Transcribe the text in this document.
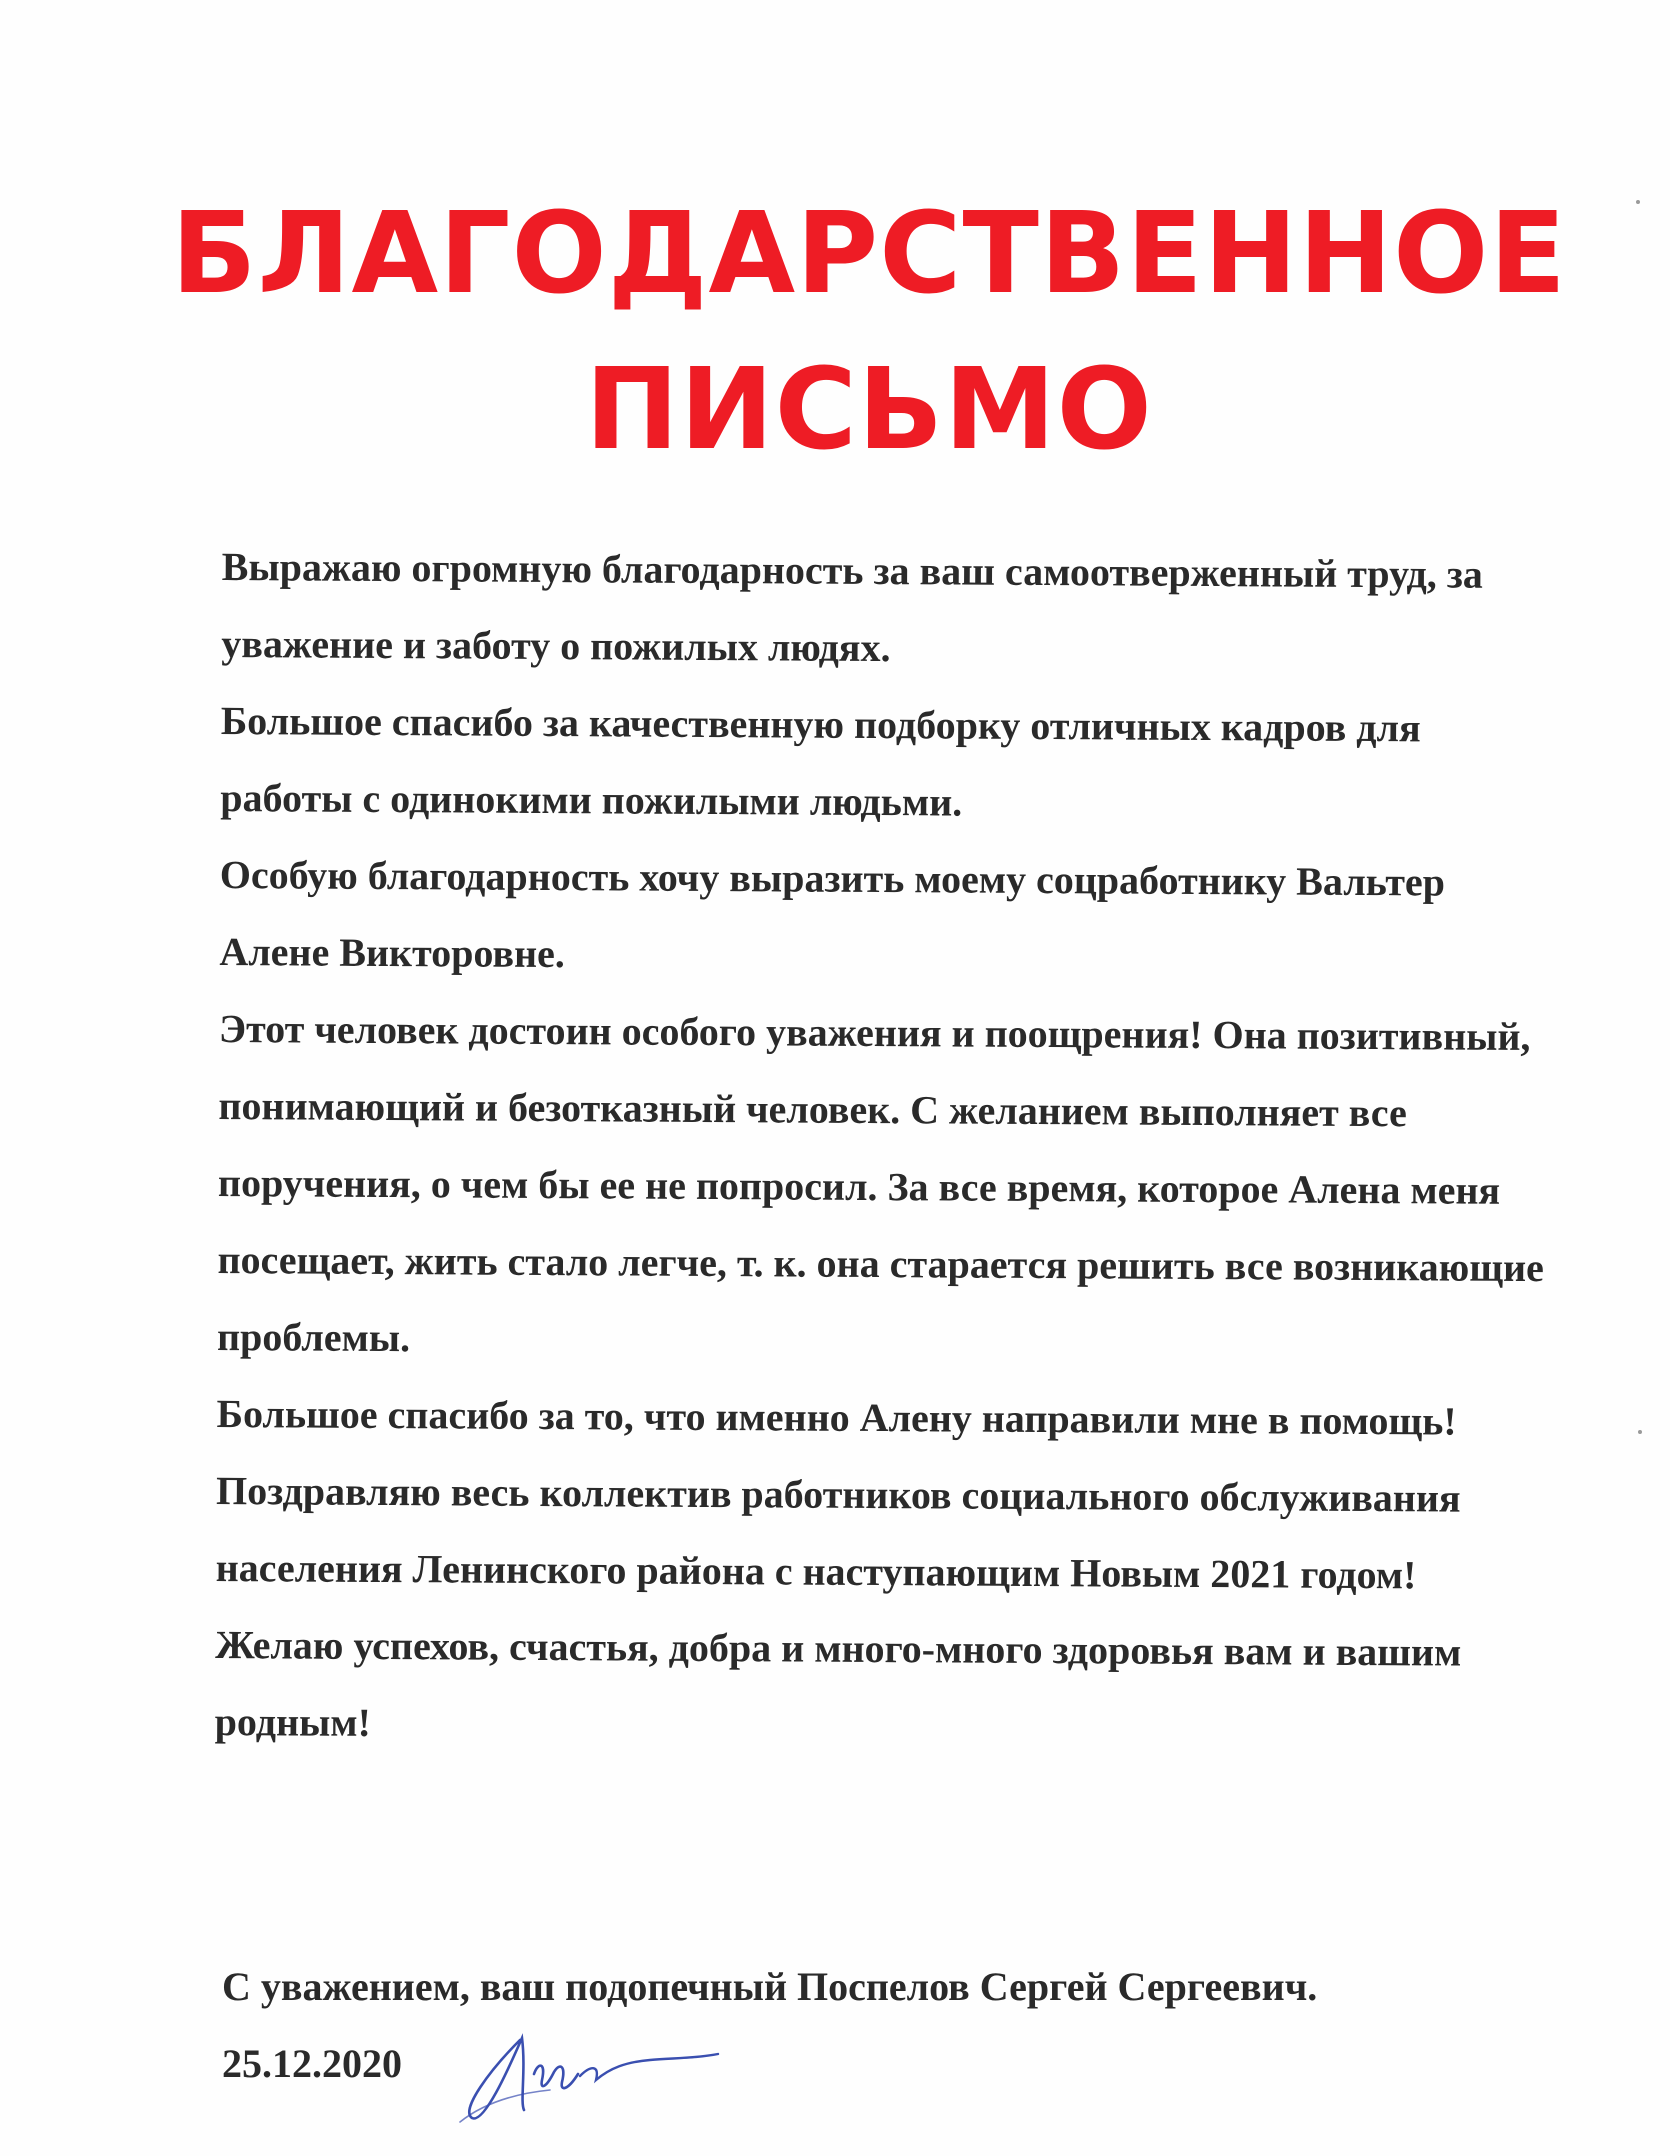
БЛАГОДАРСТВЕННОЕ
ПИСЬМО

Выражаю огромную благодарность за ваш самоотверженный труд, за уважение и заботу о пожилых людях.

Большое спасибо за качественную подборку отличных кадров для работы с одинокими пожилыми людьми.

Особую благодарность хочу выразить моему соцработнику Вальтер Алене Викторовне.

Этот человек достоин особого уважения и поощрения! Она позитивный, понимающий и безотказный человек. С желанием выполняет все поручения, о чем бы ее не попросил. За все время, которое Алена меня посещает, жить стало легче, т. к. она старается решить все возникающие проблемы.

Большое спасибо за то, что именно Алену направили мне в помощь!

Поздравляю весь коллектив работников социального обслуживания населения Ленинского района с наступающим Новым 2021 годом!

Желаю успехов, счастья, добра и много-много здоровья вам и вашим родным!

С уважением, ваш подопечный Поспелов Сергей Сергеевич.

25.12.2020
